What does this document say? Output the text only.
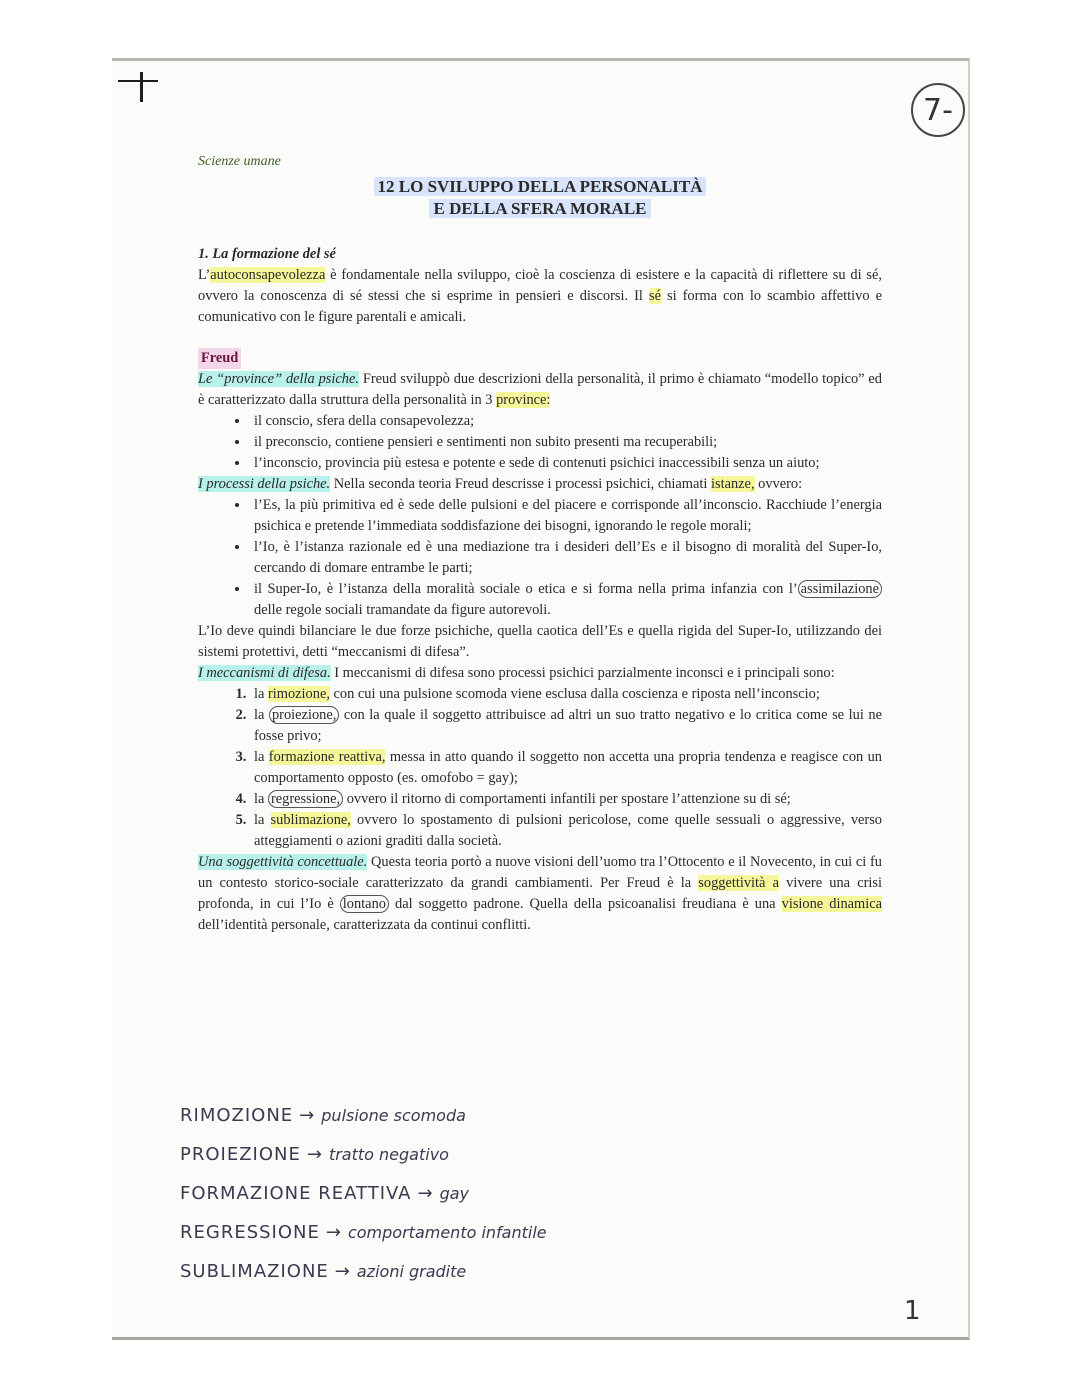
7-
Scienze umane
12 LO SVILUPPO DELLA PERSONALITÀ
E DELLA SFERA MORALE

1. La formazione del sé

L’autoconsapevolezza è fondamentale nella sviluppo, cioè la coscienza di esistere e la capacità di riflettere su di sé, ovvero la conoscenza di sé stessi che si esprime in pensieri e discorsi. Il sé si forma con lo scambio affettivo e comunicativo con le figure parentali e amicali.

Freud

Le “province” della psiche. Freud sviluppò due descrizioni della personalità, il primo è chiamato “modello topico” ed è caratterizzato dalla struttura della personalità in 3 province:

• il conscio, sfera della consapevolezza;
• il preconscio, contiene pensieri e sentimenti non subito presenti ma recuperabili;
• l’inconscio, provincia più estesa e potente e sede di contenuti psichici inaccessibili senza un aiuto;

I processi della psiche. Nella seconda teoria Freud descrisse i processi psichici, chiamati istanze, ovvero:

• l’Es, la più primitiva ed è sede delle pulsioni e del piacere e corrisponde all’inconscio. Racchiude l’energia psichica e pretende l’immediata soddisfazione dei bisogni, ignorando le regole morali;
• l’Io, è l’istanza razionale ed è una mediazione tra i desideri dell’Es e il bisogno di moralità del Super-Io, cercando di domare entrambe le parti;
• il Super-Io, è l’istanza della moralità sociale o etica e si forma nella prima infanzia con l’ assimilazione delle regole sociali tramandate da figure autorevoli.

L’Io deve quindi bilanciare le due forze psichiche, quella caotica dell’Es e quella rigida del Super-Io, utilizzando dei sistemi protettivi, detti “meccanismi di difesa”.

I meccanismi di difesa. I meccanismi di difesa sono processi psichici parzialmente inconsci e i principali sono:

1. la rimozione, con cui una pulsione scomoda viene esclusa dalla coscienza e riposta nell’inconscio;
2. la proiezione, con la quale il soggetto attribuisce ad altri un suo tratto negativo e lo critica come se lui ne fosse privo;
3. la formazione reattiva, messa in atto quando il soggetto non accetta una propria tendenza e reagisce con un comportamento opposto (es. omofobo = gay);
4. la regressione, ovvero il ritorno di comportamenti infantili per spostare l’attenzione su di sé;
5. la sublimazione, ovvero lo spostamento di pulsioni pericolose, come quelle sessuali o aggressive, verso atteggiamenti o azioni graditi dalla società.

Una soggettività concettuale. Questa teoria portò a nuove visioni dell’uomo tra l’Ottocento e il Novecento, in cui ci fu un contesto storico-sociale caratterizzato da grandi cambiamenti. Per Freud è la soggettività a vivere una crisi profonda, in cui l’Io è lontano dal soggetto padrone. Quella della psicoanalisi freudiana è una visione dinamica dell’identità personale, caratterizzata da continui conflitti.

RIMOZIONE → pulsione scomoda
PROIEZIONE → tratto negativo
FORMAZIONE REATTIVA → gay
REGRESSIONE → comportamento infantile
SUBLIMAZIONE → azioni gradite
1
